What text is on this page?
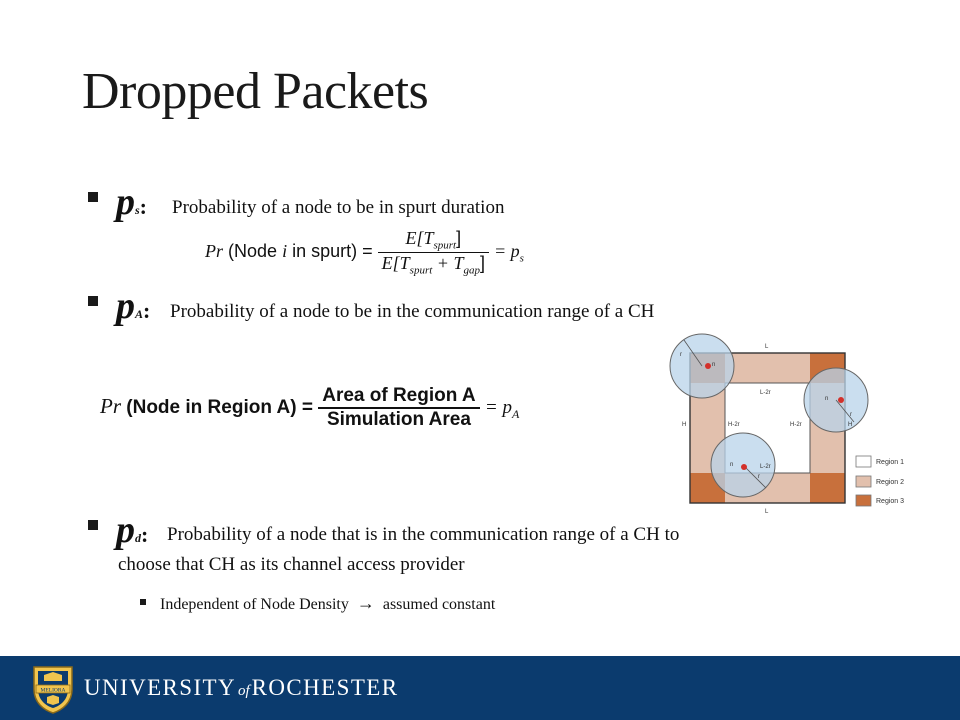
Dropped Packets
ps: Probability of a node to be in spurt duration
Pr (Node i in spurt) = $\frac{E[T_{spurt}]}{E[T_{spurt} + T_{gap}]} = p_s$
pA: Probability of a node to be in the communication range of a CH
Pr (Node in Region $A) = \frac{\text{Area of Region A}}{\text{Simulation Area}} = p_A$
n
n
n
r
r
r
L
L
H	H
L-2r
H-2r	H-2r
L-2r
Region 1
Region 2
Region 3
pd: Probability of a node that is in the communication range of a CH to
choose that CH as its channel access provider
Independent of Node Density → assumed constant
MELIORA UNIVERSITY ofROCHESTER
